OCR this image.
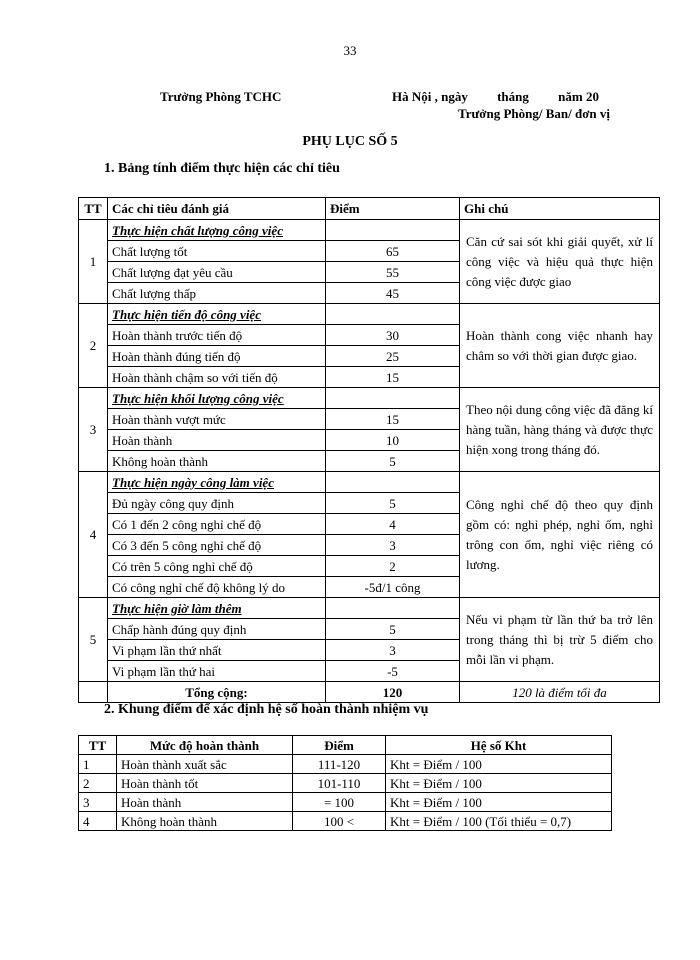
33
Trưởng Phòng TCHC	Hà Nội , ngày         tháng         năm 20
Trưởng Phòng/ Ban/ đơn vị
PHỤ LỤC SỐ 5
1. Bảng tính điểm thực hiện các chỉ tiêu
TT	Các chỉ tiêu đánh giá	Điểm	Ghi chú
1	Thực hiện chất lượng công việc		Căn cứ sai sót khi giải quyết, xử lí công việc và hiệu quả thực hiện công việc được giao
	Chất lượng tốt	65	
	Chất lượng đạt yêu cầu	55	
	Chất lượng thấp	45	
2	Thực hiện tiến độ công việc		Hoàn thành cong việc nhanh hay châm so với thời gian được giao.
	Hoàn thành trước tiến độ	30	
	Hoàn thành đúng tiến độ	25	
	Hoàn thành chậm so với tiến độ	15	
3	Thực hiện khối lượng công việc		Theo nội dung công việc đã đăng kí hàng tuần, hàng tháng và được thực hiện xong trong tháng đó.
	Hoàn thành vượt mức	15	
	Hoàn thành	10	
	Không hoàn thành	5	
4	Thực hiện ngày công làm việc		Công nghỉ chế độ theo quy định gồm có: nghỉ phép, nghỉ ốm, nghỉ trông con ốm, nghỉ việc riêng có lương.
	Đủ ngày công quy định	5	
	Có 1 đến 2 công nghỉ chế độ	4	
	Có 3 đến 5 công nghỉ chế độ	3	
	Có trên 5 công nghỉ chế độ	2	
	Có công nghỉ chế độ không lý do	-5đ/1 công	
5	Thực hiện giờ làm thêm		Nếu vi phạm từ lần thứ ba trở lên trong tháng thì bị trừ 5 điểm cho mỗi lần vi phạm.
	Chấp hành đúng quy định	5	
	Vi phạm lần thứ nhất	3	
	Vi phạm lần thứ hai	-5	
	Tổng cộng:	120	120 là điểm tối đa
2. Khung điểm để xác định hệ số hoàn thành nhiệm vụ
TT	Mức độ hoàn thành	Điểm	Hệ số Kht
1	Hoàn thành xuất sắc	111-120	Kht = Điểm / 100
2	Hoàn thành tốt	101-110	Kht = Điểm / 100
3	Hoàn thành	= 100	Kht = Điểm / 100
4	Không hoàn thành	100 <	Kht = Điểm / 100 (Tối thiểu = 0,7)
